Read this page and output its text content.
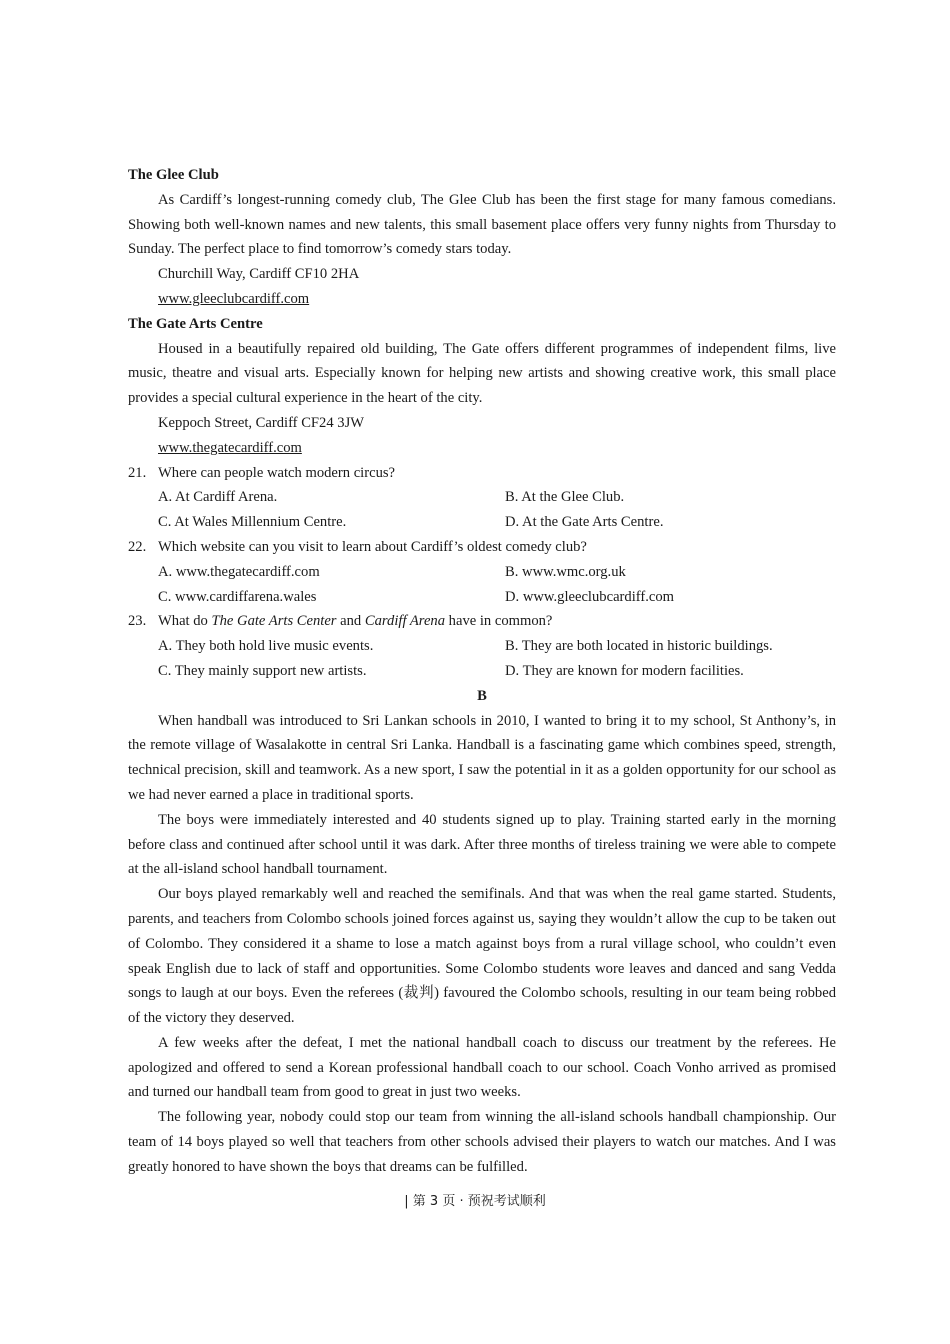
The Glee Club

As Cardiff’s longest-running comedy club, The Glee Club has been the first stage for many famous comedians. Showing both well-known names and new talents, this small basement place offers very funny nights from Thursday to Sunday. The perfect place to find tomorrow’s comedy stars today.

Churchill Way, Cardiff CF10 2HA

www.gleeclubcardiff.com

The Gate Arts Centre

Housed in a beautifully repaired old building, The Gate offers different programmes of independent films, live music, theatre and visual arts. Especially known for helping new artists and showing creative work, this small place provides a special cultural experience in the heart of the city.

Keppoch Street, Cardiff CF24 3JW

www.thegatecardiff.com

21. Where can people watch modern circus?

A. At Cardiff Arena.	B. At the Glee Club.
C. At Wales Millennium Centre.	D. At the Gate Arts Centre.

22. Which website can you visit to learn about Cardiff’s oldest comedy club?

A. www.thegatecardiff.com	B. www.wmc.org.uk
C. www.cardiffarena.wales	D. www.gleeclubcardiff.com

23. What do The Gate Arts Center and Cardiff Arena have in common?

A. They both hold live music events.	B. They are both located in historic buildings.
C. They mainly support new artists.	D. They are known for modern facilities.

B

When handball was introduced to Sri Lankan schools in 2010, I wanted to bring it to my school, St Anthony’s, in the remote village of Wasalakotte in central Sri Lanka. Handball is a fascinating game which combines speed, strength, technical precision, skill and teamwork. As a new sport, I saw the potential in it as a golden opportunity for our school as we had never earned a place in traditional sports.

The boys were immediately interested and 40 students signed up to play. Training started early in the morning before class and continued after school until it was dark. After three months of tireless training we were able to compete at the all-island school handball tournament.

Our boys played remarkably well and reached the semifinals. And that was when the real game started. Students, parents, and teachers from Colombo schools joined forces against us, saying they wouldn’t allow the cup to be taken out of Colombo. They considered it a shame to lose a match against boys from a rural village school, who couldn’t even speak English due to lack of staff and opportunities. Some Colombo students wore leaves and danced and sang Vedda songs to laugh at our boys. Even the referees (裁判) favoured the Colombo schools, resulting in our team being robbed of the victory they deserved.

A few weeks after the defeat, I met the national handball coach to discuss our treatment by the referees. He apologized and offered to send a Korean professional handball coach to our school. Coach Vonho arrived as promised and turned our handball team from good to great in just two weeks.

The following year, nobody could stop our team from winning the all-island schools handball championship. Our team of 14 boys played so well that teachers from other schools advised their players to watch our matches. And I was greatly honored to have shown the boys that dreams can be fulfilled.

| 第 3 页 · 预祝考试顺利
